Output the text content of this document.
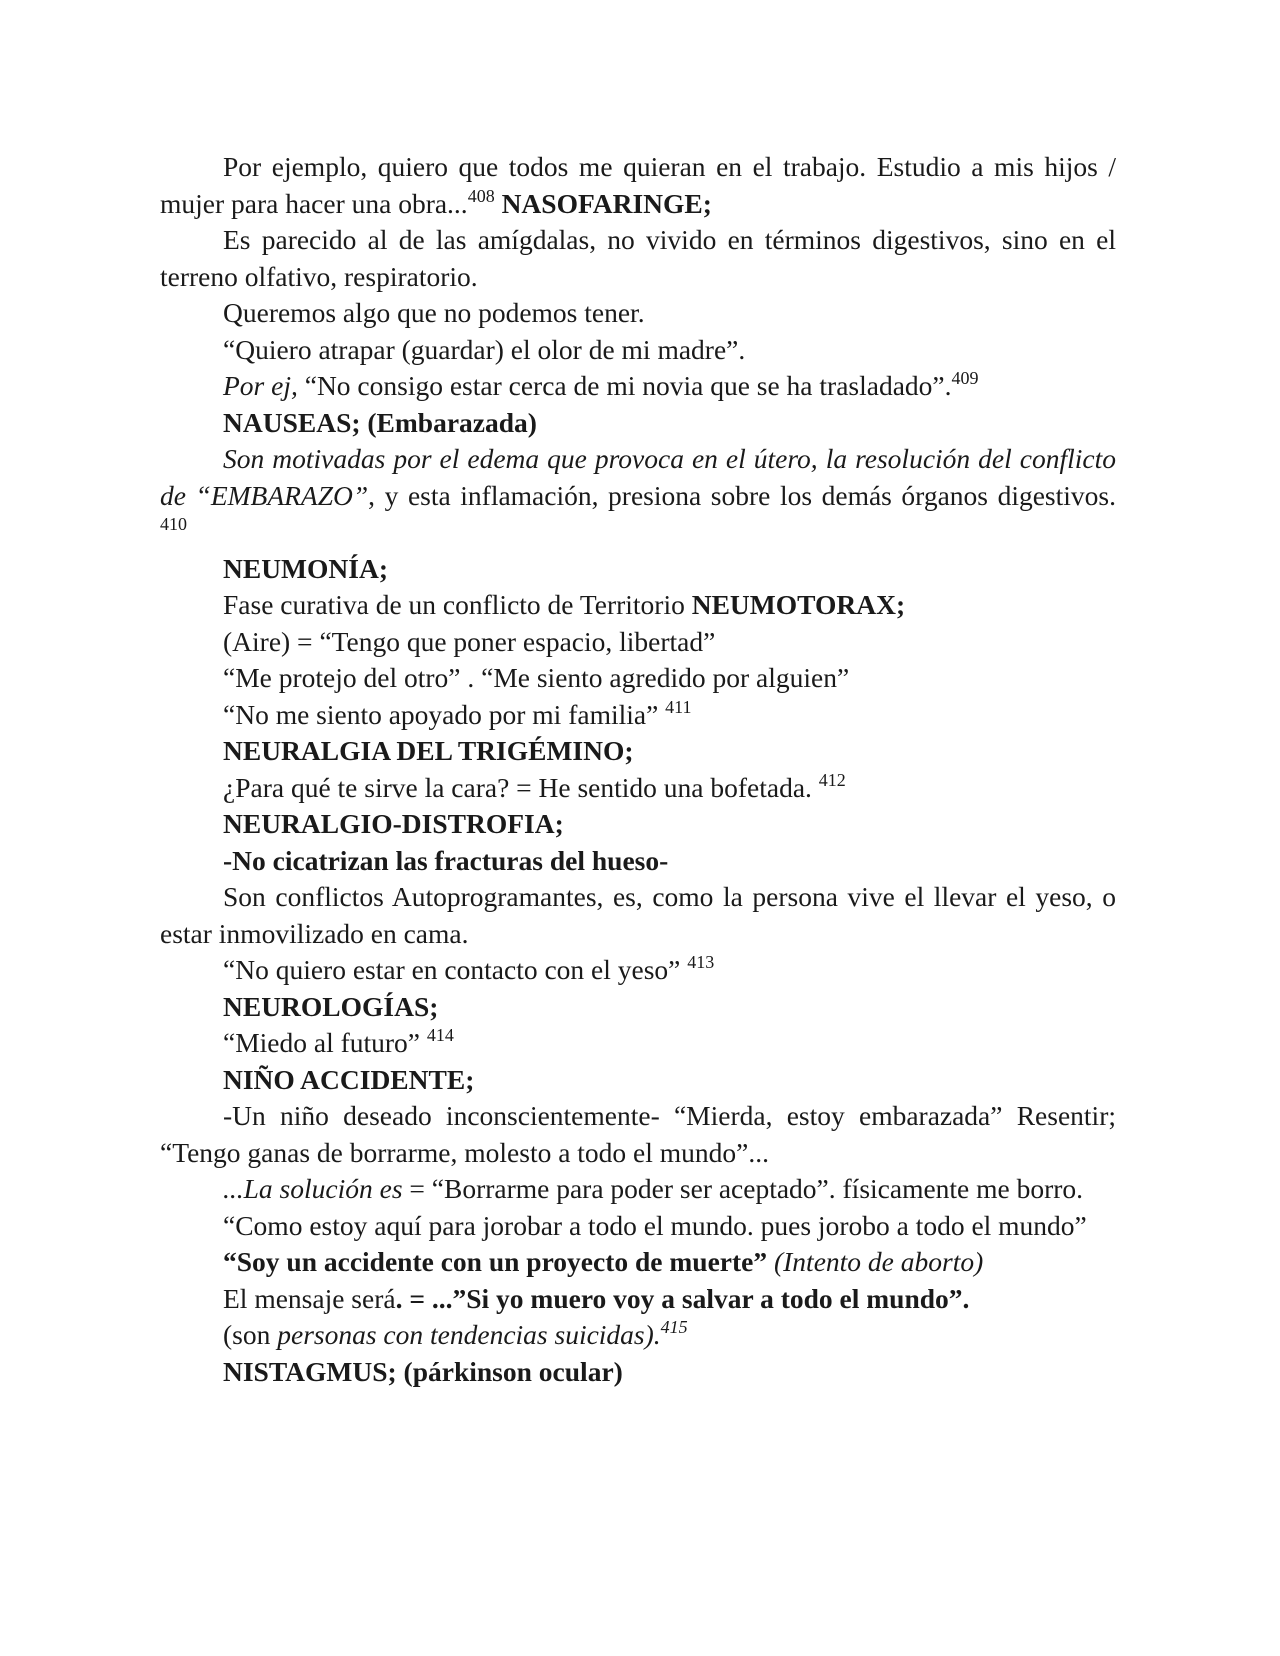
Por ejemplo, quiero que todos me quieran en el trabajo. Estudio a mis hijos / mujer para hacer una obra...$^{408}$ NASOFARINGE;

Es parecido al de las amígdalas, no vivido en términos digestivos, sino en el terreno olfativo, respiratorio.

Queremos algo que no podemos tener.

“Quiero atrapar (guardar) el olor de mi madre”.

Por ej, “No consigo estar cerca de mi novia que se ha trasladado”.$^{409}$

NAUSEAS; (Embarazada)

Son motivadas por el edema que provoca en el útero, la resolución del conflicto de “EMBARAZO”, y esta inflamación, presiona sobre los demás órganos digestivos. $^{410}$

NEUMONÍA;

Fase curativa de un conflicto de Territorio NEUMOTORAX;

(Aire) = “Tengo que poner espacio, libertad”

“Me protejo del otro” . “Me siento agredido por alguien”

“No me siento apoyado por mi familia” $^{411}$

NEURALGIA DEL TRIGÉMINO;

¿Para qué te sirve la cara? = He sentido una bofetada. $^{412}$

NEURALGIO-DISTROFIA;

-No cicatrizan las fracturas del hueso-

Son conflictos Autoprogramantes, es, como la persona vive el llevar el yeso, o estar inmovilizado en cama.

“No quiero estar en contacto con el yeso” $^{413}$

NEUROLOGÍAS;

“Miedo al futuro” $^{414}$

NIÑO ACCIDENTE;

-Un niño deseado inconscientemente- “Mierda, estoy embarazada” Resentir; “Tengo ganas de borrarme, molesto a todo el mundo”...

...La solución es = “Borrarme para poder ser aceptado”. físicamente me borro.

“Como estoy aquí para jorobar a todo el mundo. pues jorobo a todo el mundo”

“Soy un accidente con un proyecto de muerte” (Intento de aborto)

El mensaje será. = ...”Si yo muero voy a salvar a todo el mundo”.

(son personas con tendencias suicidas).$^{415}$

NISTAGMUS; (párkinson ocular)
